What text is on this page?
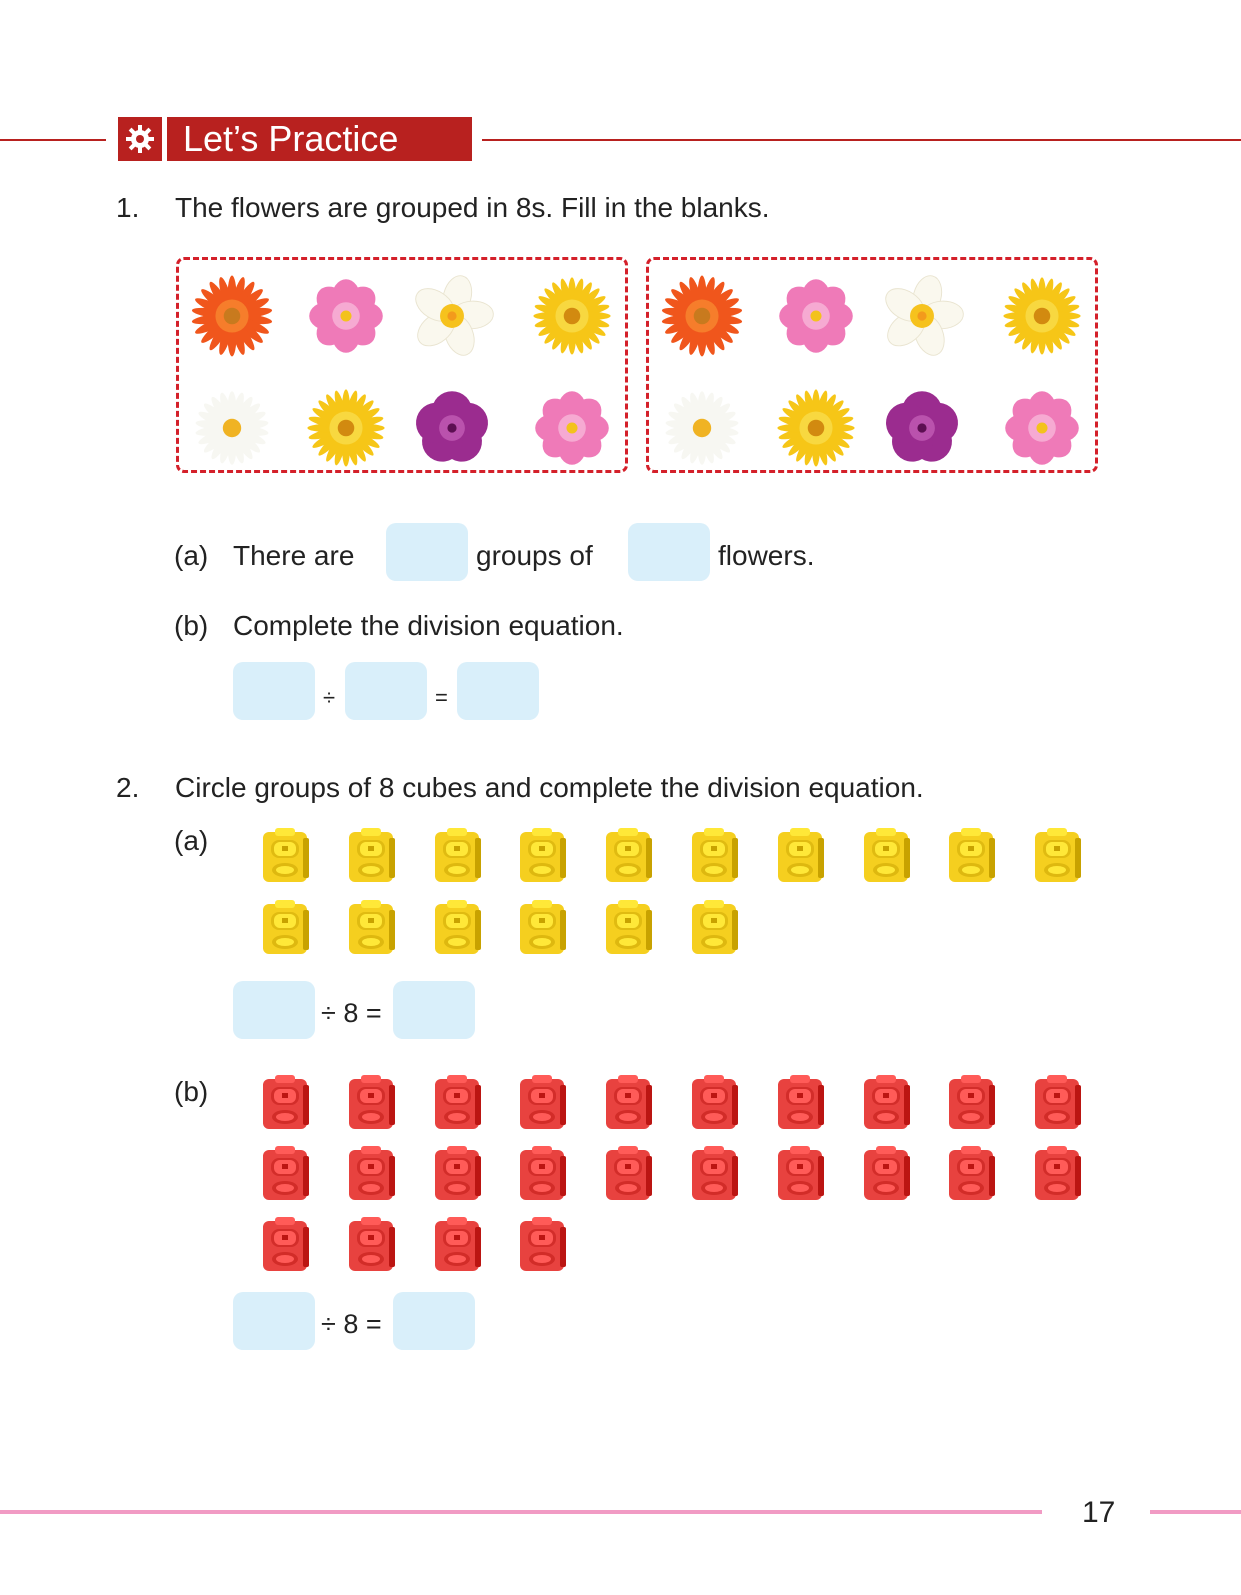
Let’s Practice
1. The flowers are grouped in 8s. Fill in the blanks.
(a) There are	groups of	flowers.
(b) Complete the division equation.
÷	=
2. Circle groups of 8 cubes and complete the division equation.
(a)
÷ 8 =
(b)
÷ 8 =
17
